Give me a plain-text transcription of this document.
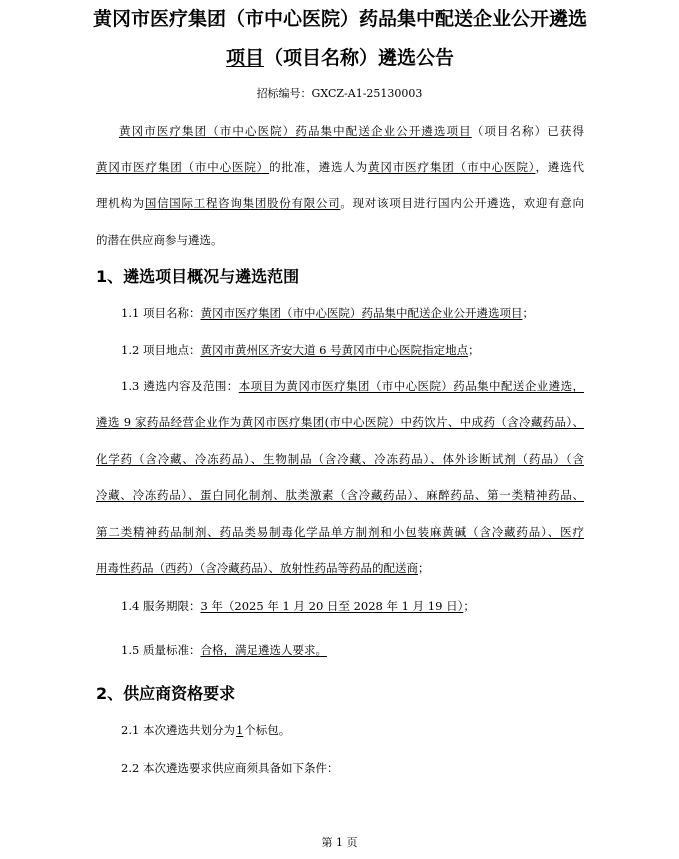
黄冈市医疗集团（市中心医院）药品集中配送企业公开遴选
项目（项目名称）遴选公告
招标编号：GXCZ-A1-25130003
黄冈市医疗集团（市中心医院）药品集中配送企业公开遴选项目（项目名称）已获得
黄冈市医疗集团（市中心医院）的批准，遴选人为黄冈市医疗集团（市中心医院），遴选代
理机构为国信国际工程咨询集团股份有限公司。现对该项目进行国内公开遴选，欢迎有意向
的潜在供应商参与遴选。
1、遴选项目概况与遴选范围
1.1 项目名称：黄冈市医疗集团（市中心医院）药品集中配送企业公开遴选项目；
1.2 项目地点：黄冈市黄州区齐安大道 6 号黄冈市中心医院指定地点；
1.3 遴选内容及范围：本项目为黄冈市医疗集团（市中心医院）药品集中配送企业遴选，
遴选 9 家药品经营企业作为黄冈市医疗集团(市中心医院）中药饮片、中成药（含冷藏药品）、
化学药（含冷藏、冷冻药品）、生物制品（含冷藏、冷冻药品）、体外诊断试剂（药品）（含
冷藏、冷冻药品）、蛋白同化制剂、肽类激素（含冷藏药品）、麻醉药品、第一类精神药品、
第二类精神药品制剂、药品类易制毒化学品单方制剂和小包装麻黄碱（含冷藏药品）、医疗
用毒性药品（西药）（含冷藏药品）、放射性药品等药品的配送商；
1.4 服务期限：3 年（2025 年 1 月 20 日至 2028 年 1 月 19 日）；
1.5 质量标准：合格，满足遴选人要求。
2、供应商资格要求
2.1 本次遴选共划分为1个标包。
2.2 本次遴选要求供应商须具备如下条件：
第 1 页
